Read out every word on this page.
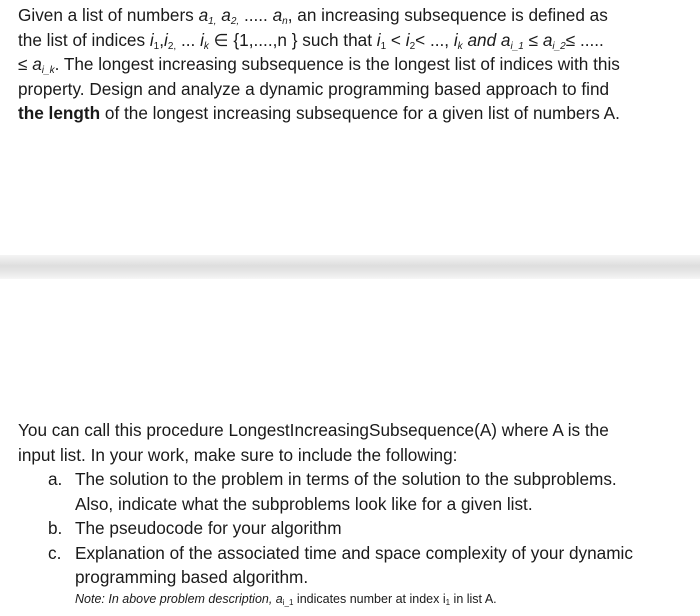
Given a list of numbers $a_{1,}$ $a_{2,}$ ..... $a_n$, an increasing subsequence is defined as
the list of indices $i_1,i_{2,}$ ... $i_k$ ∈ {1,....,n } such that $i_1 < i_2<$ ..., $i_k$ and $a_{i\_1} \le a_{i\_2}\le$ .....
≤ $a_{i\_k}$. The longest increasing subsequence is the longest list of indices with this
property. Design and analyze a dynamic programming based approach to find
the length of the longest increasing subsequence for a given list of numbers A.
You can call this procedure LongestIncreasingSubsequence(A) where A is the
input list. In your work, make sure to include the following:
a. The solution to the problem in terms of the solution to the subproblems.
Also, indicate what the subproblems look like for a given list.
b. The pseudocode for your algorithm
c. Explanation of the associated time and space complexity of your dynamic
programming based algorithm.
Note: In above problem description, $a_{i\_1}$ indicates number at index $i_1$ in list A.
